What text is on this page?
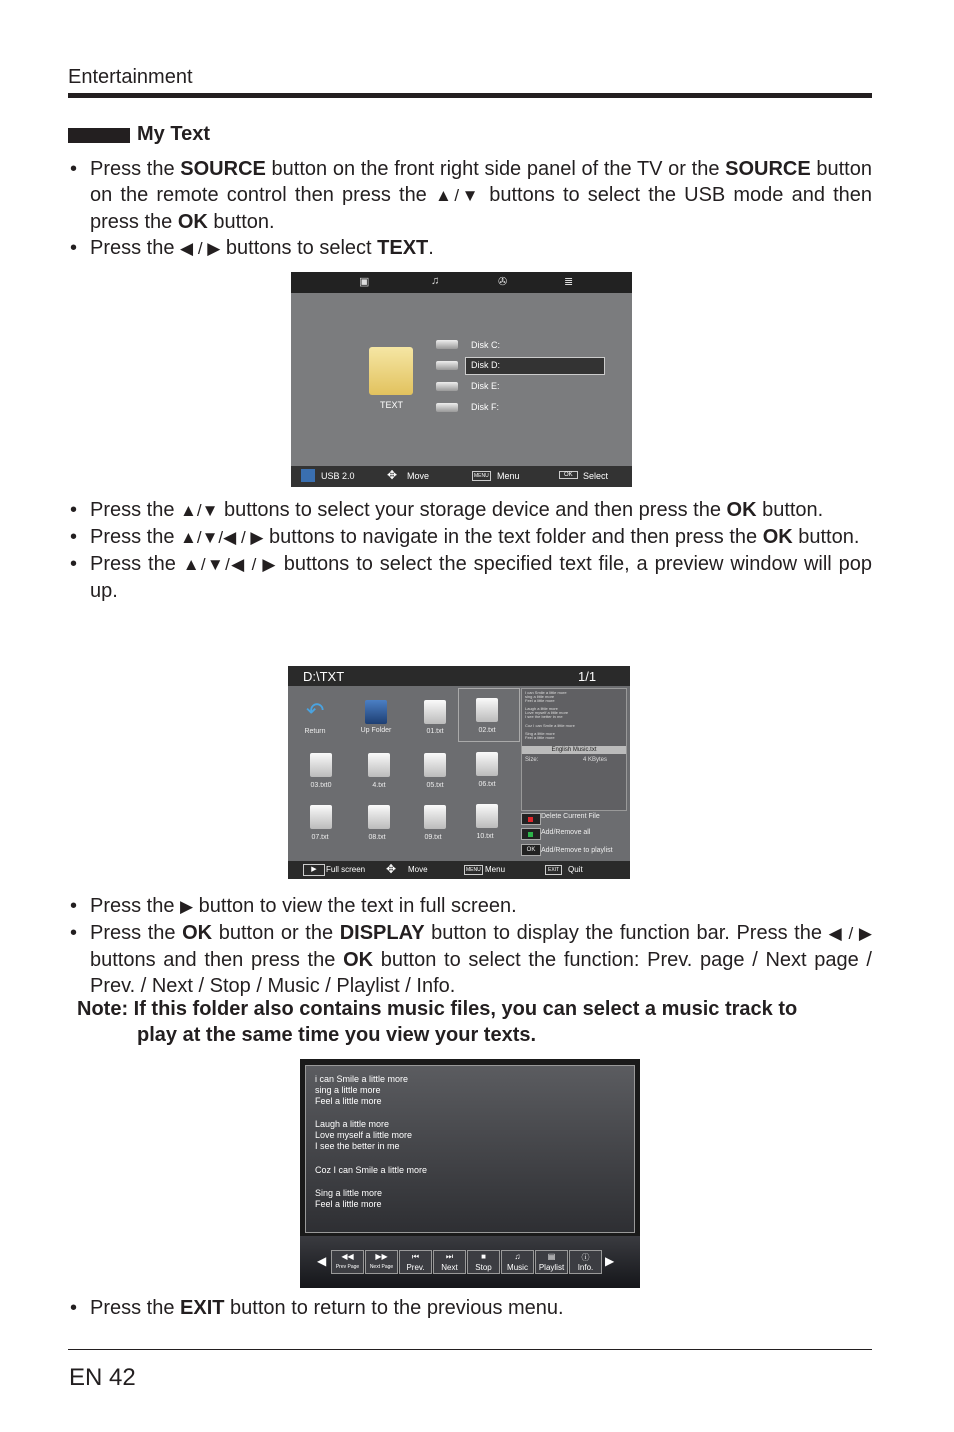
Entertainment
My Text
• Press the SOURCE button on the front right side panel of the TV or the SOURCE button on the remote control then press the ▲/▼ buttons to select the USB mode and then press the OK button.
• Press the ◀ / ▶ buttons to select TEXT.
▣	♫	✇	≣
TEXT
Disk C:
Disk D:
Disk E:
Disk F:
USB 2.0	✥ Move	MENU Menu	OK	Select
• Press the ▲/▼ buttons to select your storage device and then press the OK button.
• Press the ▲/▼/◀ / ▶ buttons to navigate in the text folder and then press the OK button.
• Press the ▲/▼/◀ / ▶ buttons to select the specified text file, a preview window will pop up.
D:\TXT	1/1
↶
Return	Up Folder	01.txt	02.txt
03.txt0	4.txt	05.txt	06.txt
07.txt	08.txt	09.txt	10.txt
I can Smile a little more
sing a little more
Feel a little more
Laugh a little more
Love myself a little more
I see the better in me
Coz I can Smile a little more
Sing a little more
Feel a little more
English Music.txt
Size:	4 KBytes
Delete Current File
Add/Remove all
OK Add/Remove to playlist
▶	Full screen ✥ Move	MENU Menu	EXIT	Quit
• Press the ▶ button to view the text in full screen.
• Press the OK button or the DISPLAY button to display the function bar. Press the ◀ / ▶ buttons and then press the OK button to select the function: Prev. page / Next page / Prev. / Next / Stop / Music / Playlist / Info.
Note: If this folder also contains music files, you can select a music track to
play at the same time you view your texts.
i can Smile a little more
sing a little more
Feel a little more
Laugh a little more
Love myself a little more
I see the better in me
Coz I can Smile a little more
Sing a little more
Feel a little more
◀	◀◀
Prev Page
▶▶
Next Page
⏮
Prev.
⏭
Next
■
Stop
♫
Music
▤
Playlist
ⓘ
Info. ▶
• Press the EXIT button to return to the previous menu.
EN 42
